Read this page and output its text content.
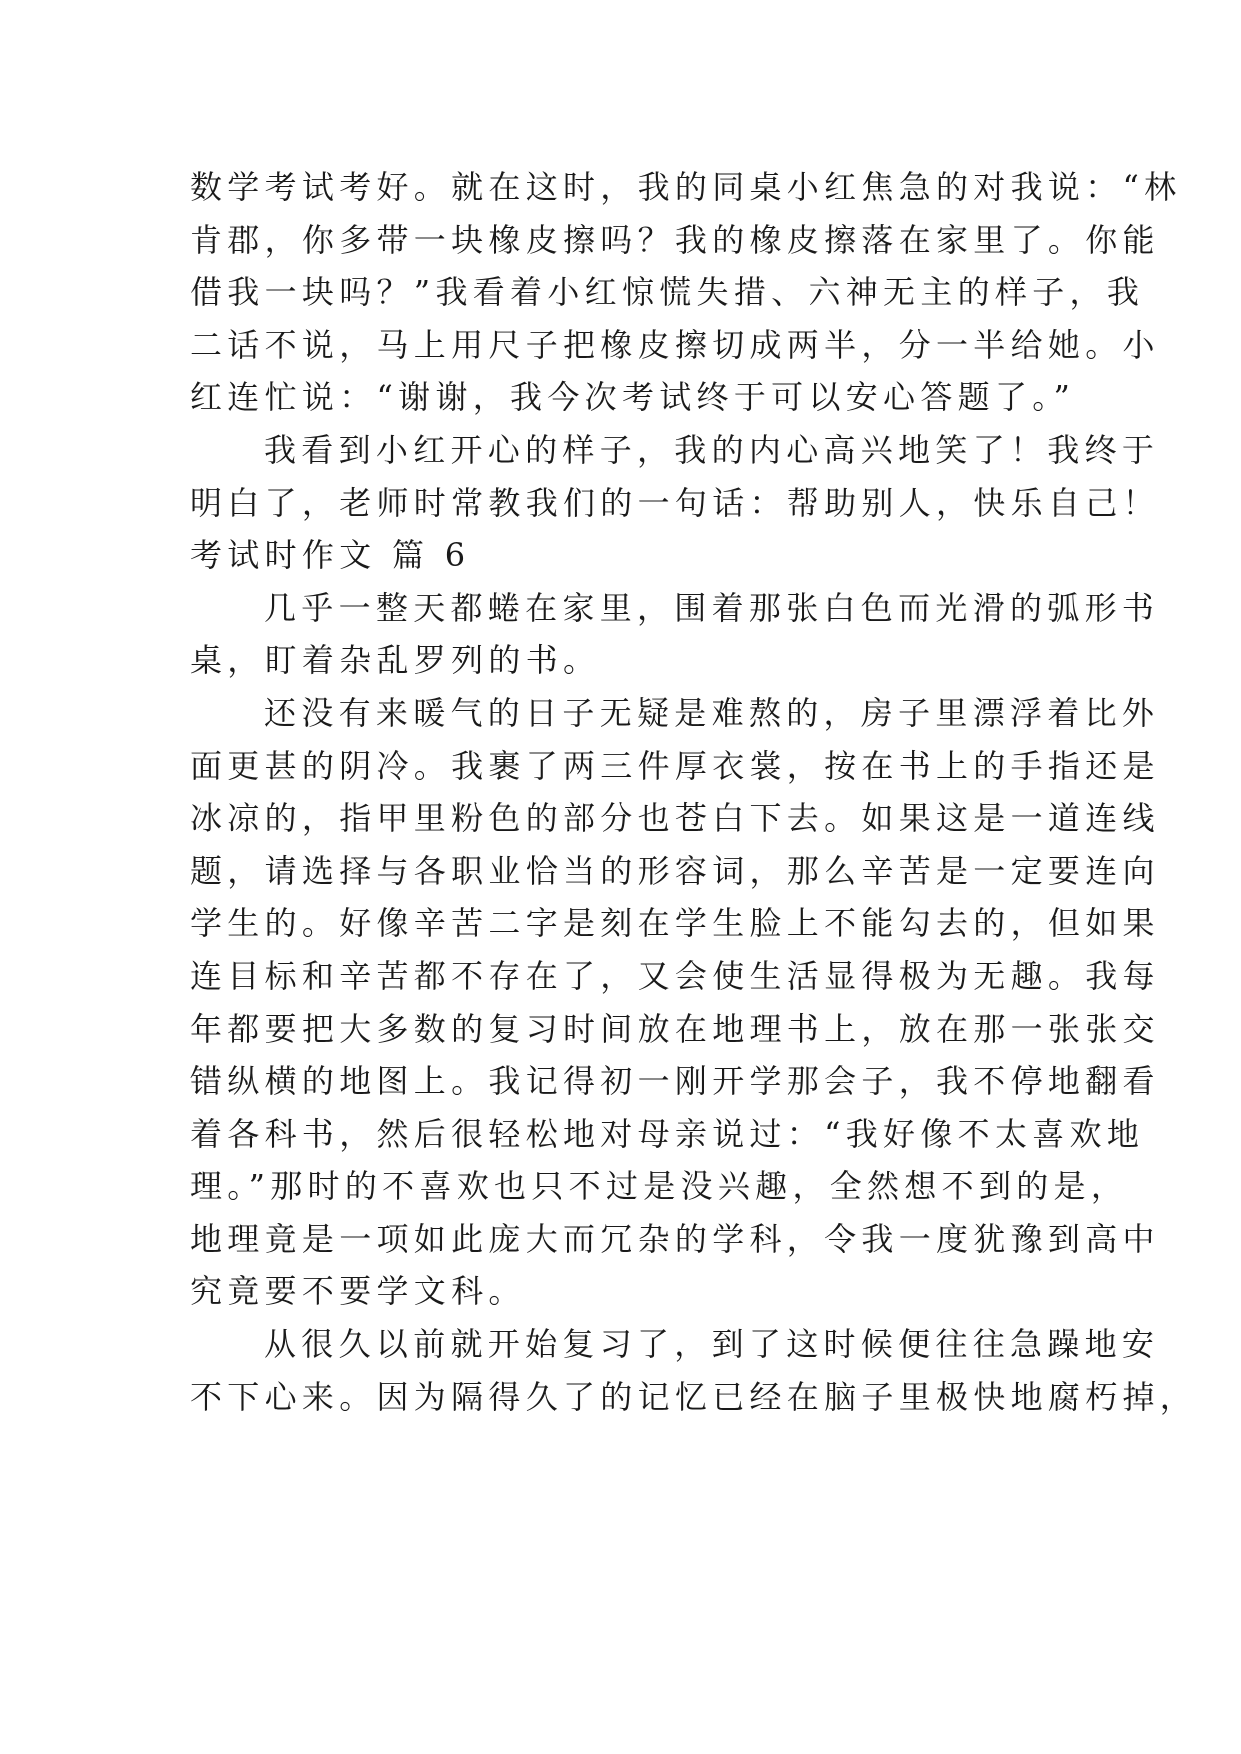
数学考试考好。就在这时，我的同桌小红焦急的对我说：“林
肯郡，你多带一块橡皮擦吗？我的橡皮擦落在家里了。你能
借我一块吗？”我看着小红惊慌失措、六神无主的样子，我
二话不说，马上用尺子把橡皮擦切成两半，分一半给她。小
红连忙说：“谢谢，我今次考试终于可以安心答题了。”
我看到小红开心的样子，我的内心高兴地笑了！我终于
明白了，老师时常教我们的一句话：帮助别人，快乐自己！
考试时作文 篇 6
几乎一整天都蜷在家里，围着那张白色而光滑的弧形书
桌，盯着杂乱罗列的书。
还没有来暖气的日子无疑是难熬的，房子里漂浮着比外
面更甚的阴冷。我裹了两三件厚衣裳，按在书上的手指还是
冰凉的，指甲里粉色的部分也苍白下去。如果这是一道连线
题，请选择与各职业恰当的形容词，那么辛苦是一定要连向
学生的。好像辛苦二字是刻在学生脸上不能勾去的，但如果
连目标和辛苦都不存在了，又会使生活显得极为无趣。我每
年都要把大多数的复习时间放在地理书上，放在那一张张交
错纵横的地图上。我记得初一刚开学那会子，我不停地翻看
着各科书，然后很轻松地对母亲说过：“我好像不太喜欢地
理。”那时的不喜欢也只不过是没兴趣，全然想不到的是，
地理竟是一项如此庞大而冗杂的学科，令我一度犹豫到高中
究竟要不要学文科。
从很久以前就开始复习了，到了这时候便往往急躁地安
不下心来。因为隔得久了的记忆已经在脑子里极快地腐朽掉，
